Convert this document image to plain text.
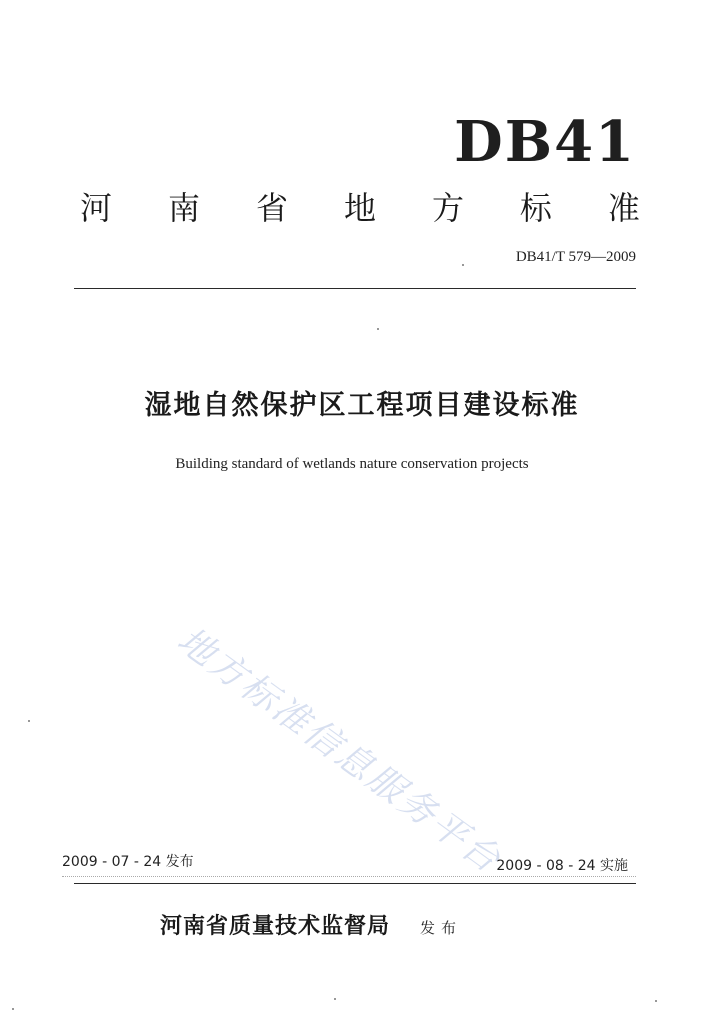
DB41
河 南 省 地 方 标 准
DB41/T 579—2009
湿地自然保护区工程项目建设标准
Building standard of wetlands nature conservation projects
地方标准信息服务平台
2009 - 07 - 24 发布	2009 - 08 - 24 实施
河南省质量技术监督局 发布
